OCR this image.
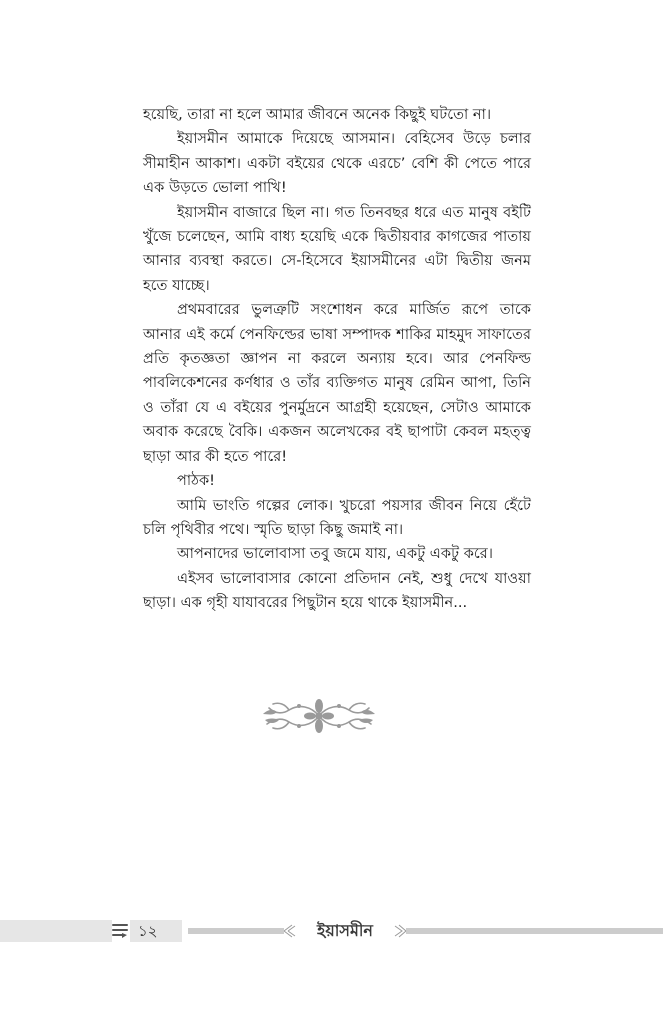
হয়েছি, তারা না হলে আমার জীবনে অনেক কিছুই ঘটতো না।

ইয়াসমীন আমাকে দিয়েছে আসমান। বেহিসেব উড়ে চলার সীমাহীন আকাশ। একটা বইয়ের থেকে এরচে’ বেশি কী পেতে পারে এক উড়তে ভোলা পাখি!

ইয়াসমীন বাজারে ছিল না। গত তিনবছর ধরে এত মানুষ বইটি খুঁজে চলেছেন, আমি বাধ্য হয়েছি একে দ্বিতীয়বার কাগজের পাতায় আনার ব্যবস্থা করতে। সে-হিসেবে ইয়াসমীনের এটা দ্বিতীয় জনম হতে যাচ্ছে।

প্রথমবারের ভুলত্রুটি সংশোধন করে মার্জিত রূপে তাকে আনার এই কর্মে পেনফিল্ডের ভাষা সম্পাদক শাকির মাহমুদ সাফাতের প্রতি কৃতজ্ঞতা জ্ঞাপন না করলে অন্যায় হবে। আর পেনফিল্ড পাবলিকেশনের কর্ণধার ও তাঁর ব্যক্তিগত মানুষ রেমিন আপা, তিনি ও তাঁরা যে এ বইয়ের পুনর্মুদ্রনে আগ্রহী হয়েছেন, সেটাও আমাকে অবাক করেছে বৈকি। একজন অলেখকের বই ছাপাটা কেবল মহত্ত্ব ছাড়া আর কী হতে পারে!

পাঠক!

আমি ভাংতি গল্পের লোক। খুচরো পয়সার জীবন নিয়ে হেঁটে চলি পৃথিবীর পথে। স্মৃতি ছাড়া কিছু জমাই না।

আপনাদের ভালোবাসা তবু জমে যায়, একটু একটু করে।

এইসব ভালোবাসার কোনো প্রতিদান নেই, শুধু দেখে যাওয়া ছাড়া। এক গৃহী যাযাবরের পিছুটান হয়ে থাকে ইয়াসমীন...

১২	ইয়াসমীন
